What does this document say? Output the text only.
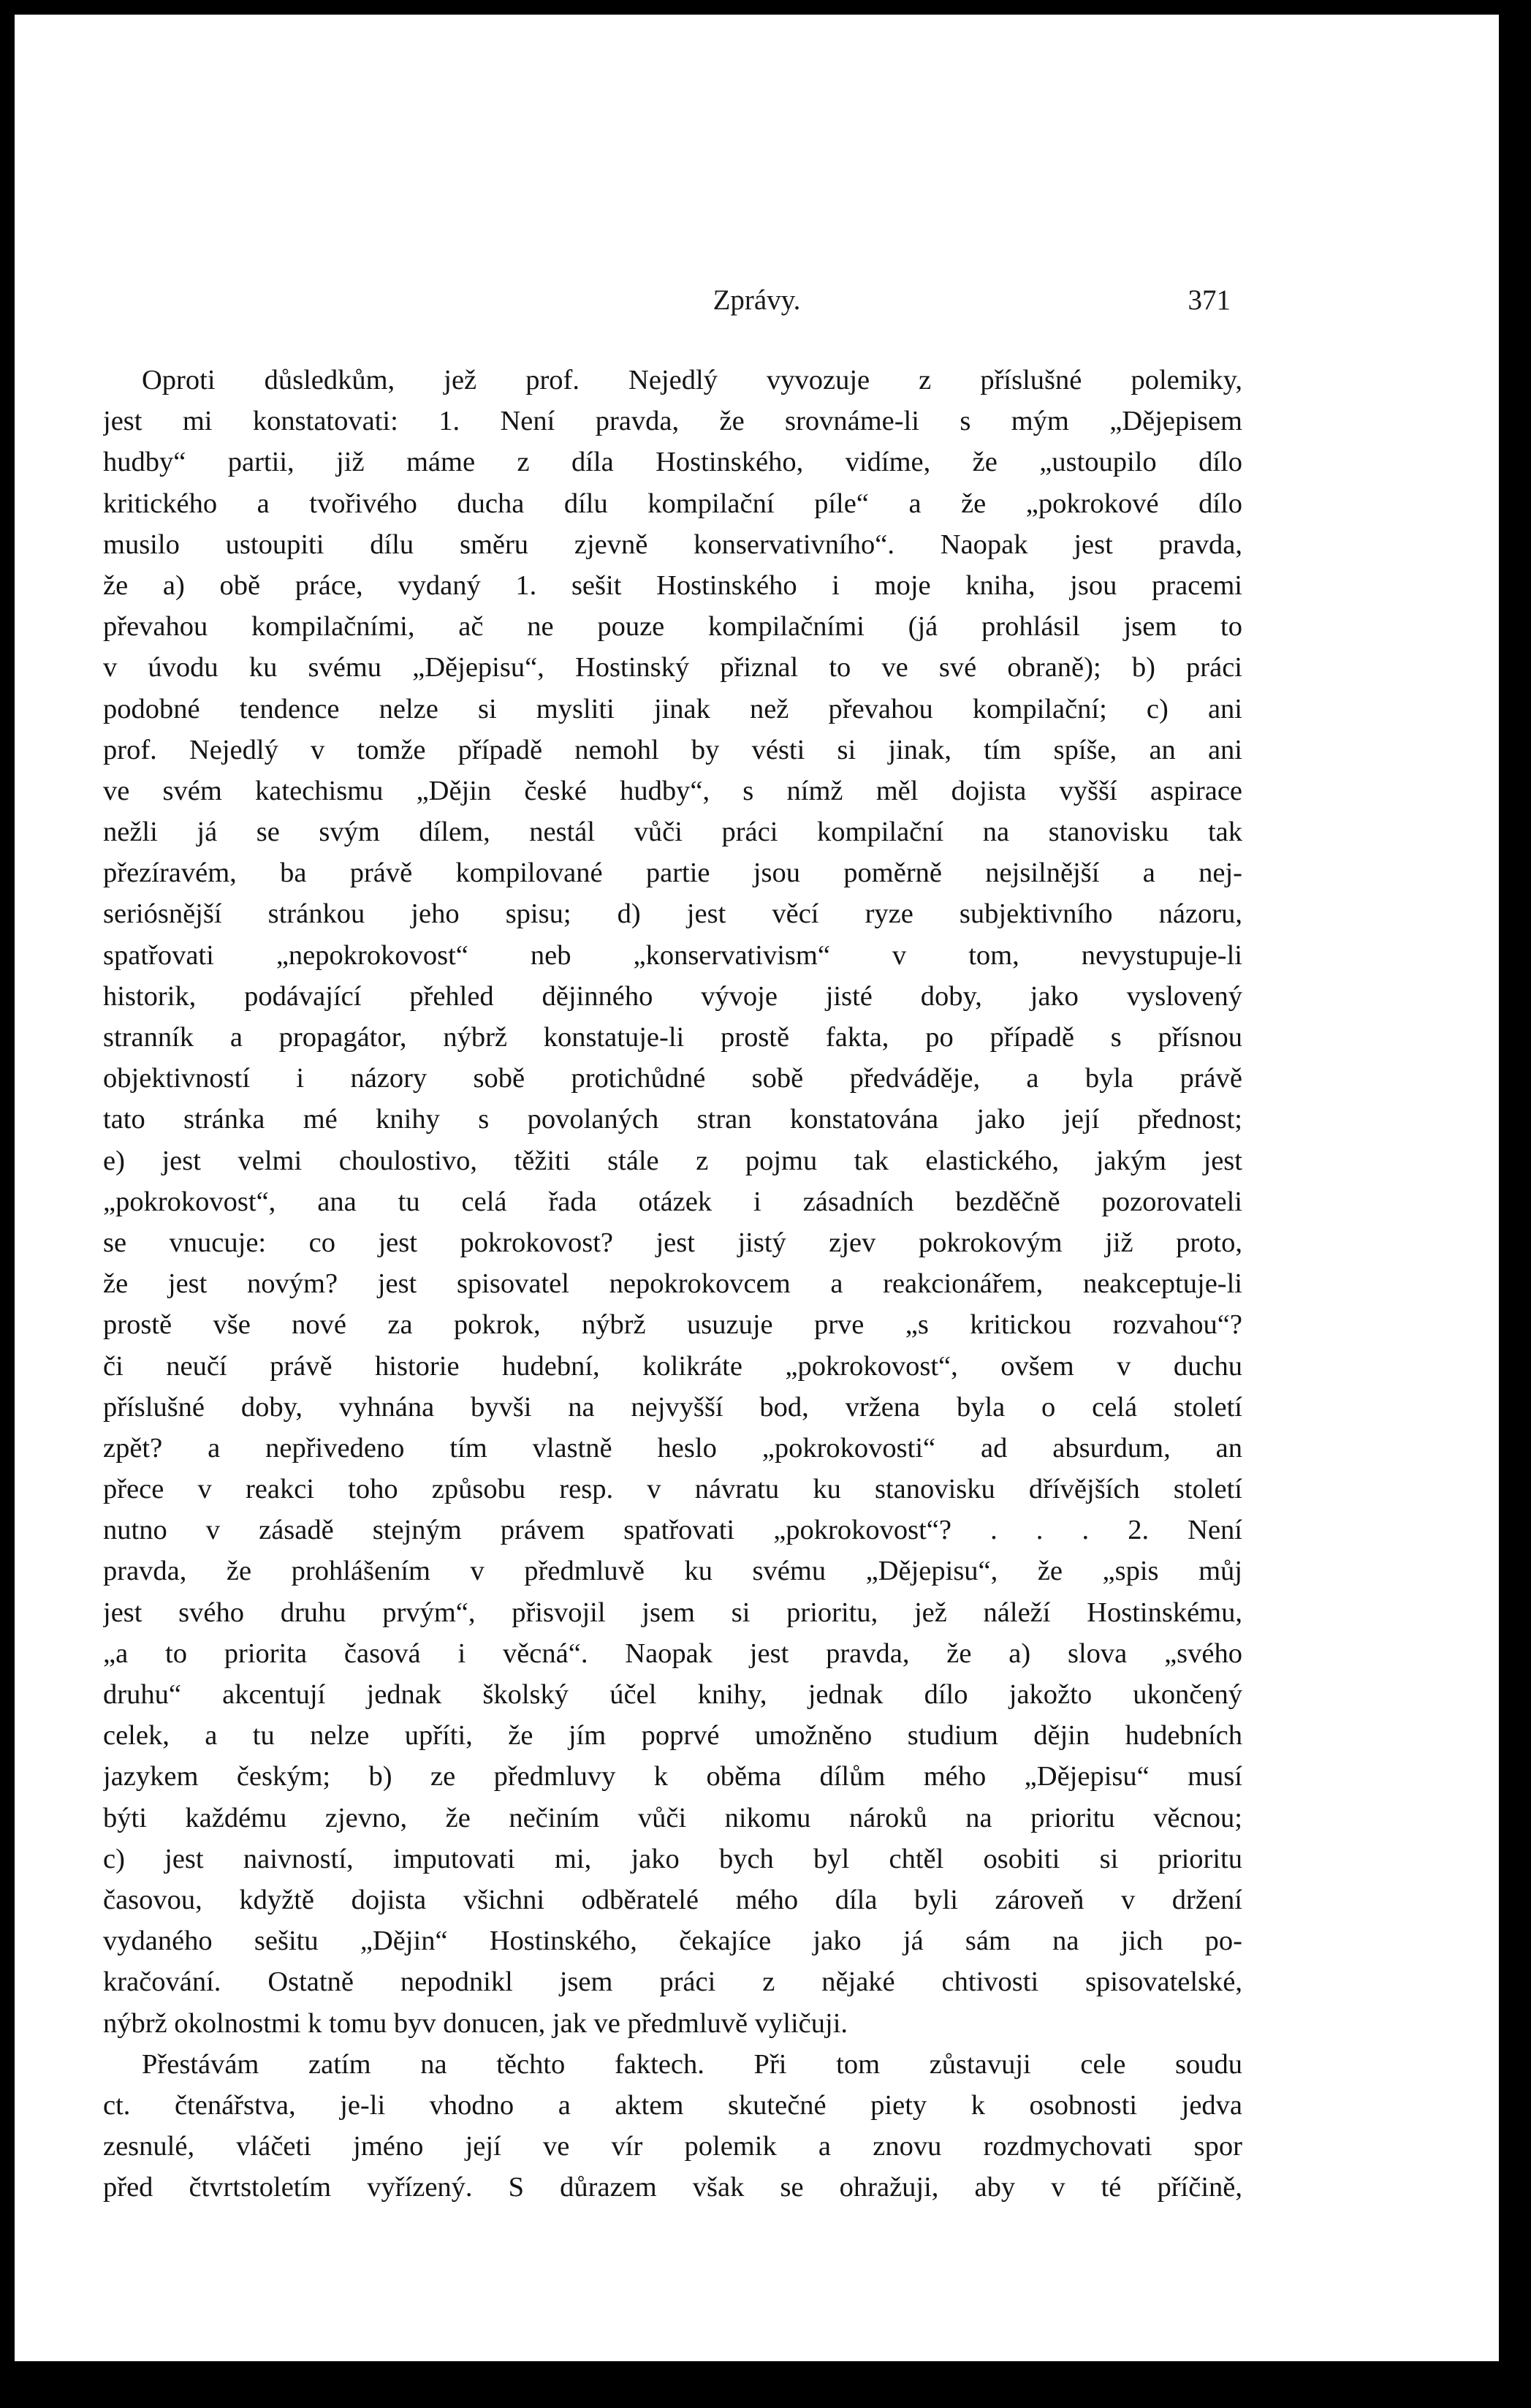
Zprávy.	371
Oproti důsledkům, jež prof. Nejedlý vyvozuje z příslušné polemiky,
jest mi konstatovati: 1. Není pravda, že srovnáme-li s mým „Dějepisem
hudby“ partii, již máme z díla Hostinského, vidíme, že „ustoupilo dílo
kritického a tvořivého ducha dílu kompilační píle“ a že „pokrokové dílo
musilo ustoupiti dílu směru zjevně konservativního“. Naopak jest pravda,
že a) obě práce, vydaný 1. sešit Hostinského i moje kniha, jsou pracemi
převahou kompilačními, ač ne pouze kompilačními (já prohlásil jsem to
v úvodu ku svému „Dějepisu“, Hostinský přiznal to ve své obraně); b) práci
podobné tendence nelze si mysliti jinak než převahou kompilační; c) ani
prof. Nejedlý v tomže případě nemohl by vésti si jinak, tím spíše, an ani
ve svém katechismu „Dějin české hudby“, s nímž měl dojista vyšší aspirace
nežli já se svým dílem, nestál vůči práci kompilační na stanovisku tak
přezíravém, ba právě kompilované partie jsou poměrně nejsilnější a nej-
seriósnější stránkou jeho spisu; d) jest věcí ryze subjektivního názoru,
spatřovati „nepokrokovost“ neb „konservativism“ v tom, nevystupuje-li
historik, podávající přehled dějinného vývoje jisté doby, jako vyslovený
stranník a propagátor, nýbrž konstatuje-li prostě fakta, po případě s přísnou
objektivností i názory sobě protichůdné sobě předváděje, a byla právě
tato stránka mé knihy s povolaných stran konstatována jako její přednost;
e) jest velmi choulostivo, těžiti stále z pojmu tak elastického, jakým jest
„pokrokovost“, ana tu celá řada otázek i zásadních bezděčně pozorovateli
se vnucuje: co jest pokrokovost? jest jistý zjev pokrokovým již proto,
že jest novým? jest spisovatel nepokrokovcem a reakcionářem, neakceptuje-li
prostě vše nové za pokrok, nýbrž usuzuje prve „s kritickou rozvahou“?
či neučí právě historie hudební, kolikráte „pokrokovost“, ovšem v duchu
příslušné doby, vyhnána byvši na nejvyšší bod, vržena byla o celá století
zpět? a nepřivedeno tím vlastně heslo „pokrokovosti“ ad absurdum, an
přece v reakci toho způsobu resp. v návratu ku stanovisku dřívějších století
nutno v zásadě stejným právem spatřovati „pokrokovost“? . . . 2. Není
pravda, že prohlášením v předmluvě ku svému „Dějepisu“, že „spis můj
jest svého druhu prvým“, přisvojil jsem si prioritu, jež náleží Hostinskému,
„a to priorita časová i věcná“. Naopak jest pravda, že a) slova „svého
druhu“ akcentují jednak školský účel knihy, jednak dílo jakožto ukončený
celek, a tu nelze upříti, že jím poprvé umožněno studium dějin hudebních
jazykem českým; b) ze předmluvy k oběma dílům mého „Dějepisu“ musí
býti každému zjevno, že nečiním vůči nikomu nároků na prioritu věcnou;
c) jest naivností, imputovati mi, jako bych byl chtěl osobiti si prioritu
časovou, kdyžtě dojista všichni odběratelé mého díla byli zároveň v držení
vydaného sešitu „Dějin“ Hostinského, čekajíce jako já sám na jich po-
kračování. Ostatně nepodnikl jsem práci z nějaké chtivosti spisovatelské,
nýbrž okolnostmi k tomu byv donucen, jak ve předmluvě vyličuji.
Přestávám zatím na těchto faktech. Při tom zůstavuji cele soudu
ct. čtenářstva, je-li vhodno a aktem skutečné piety k osobnosti jedva
zesnulé, vláčeti jméno její ve vír polemik a znovu rozdmychovati spor
před čtvrtstoletím vyřízený. S důrazem však se ohražuji, aby v té příčině,
